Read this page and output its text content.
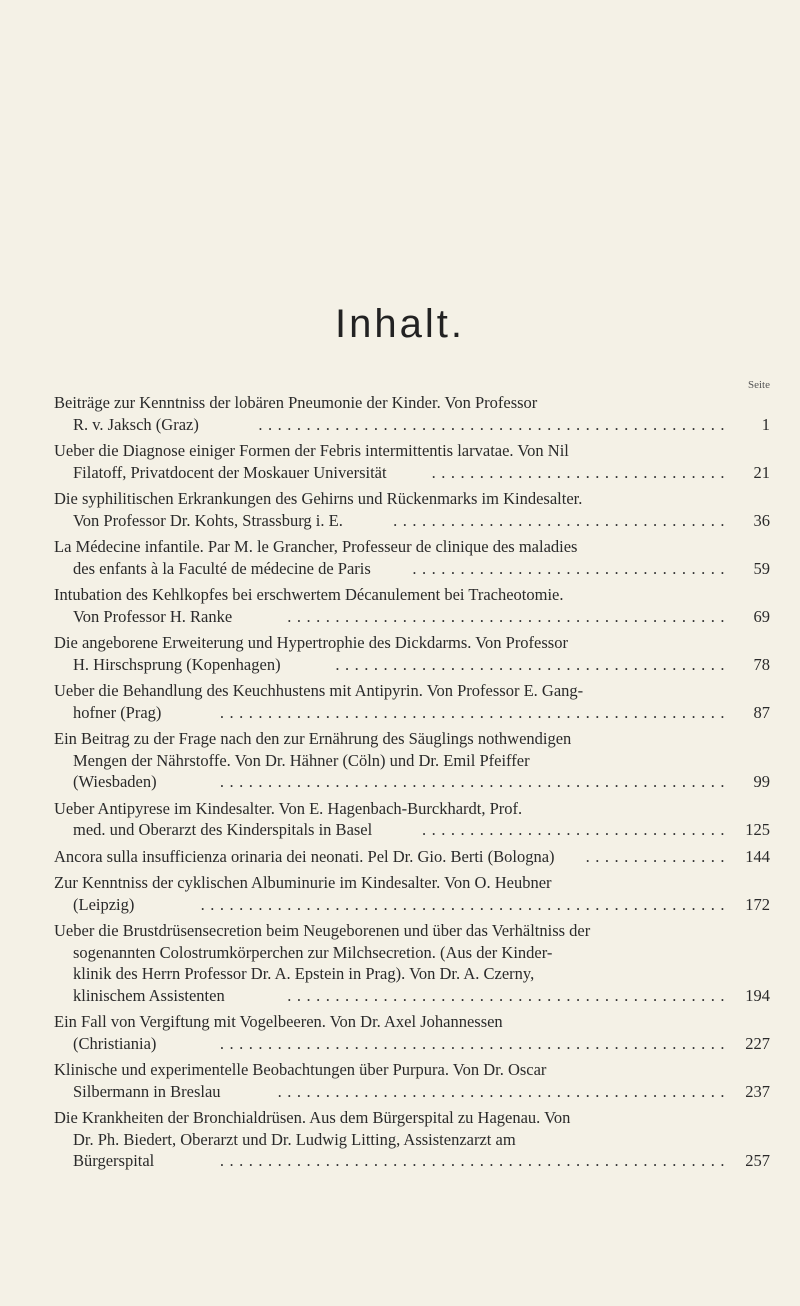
Inhalt.
Seite
Beiträge zur Kenntniss der lobären Pneumonie der Kinder. Von Professor
R. v. Jaksch (Graz)	1
.................................................
Ueber die Diagnose einiger Formen der Febris intermittentis larvatae. Von Nil
Filatoff, Privatdocent der Moskauer Universität	21
...............................
Die syphilitischen Erkrankungen des Gehirns und Rückenmarks im Kindesalter.
Von Professor Dr. Kohts, Strassburg i. E.	36
...................................
La Médecine infantile. Par M. le Grancher, Professeur de clinique des maladies
des enfants à la Faculté de médecine de Paris	59
.................................
Intubation des Kehlkopfes bei erschwertem Décanulement bei Tracheotomie.
Von Professor H. Ranke	69
..............................................
Die angeborene Erweiterung und Hypertrophie des Dickdarms. Von Professor
H. Hirschsprung (Kopenhagen)	78
.........................................
Ueber die Behandlung des Keuchhustens mit Antipyrin. Von Professor E. Gang-
hofner (Prag)	87
.....................................................
Ein Beitrag zu der Frage nach den zur Ernährung des Säuglings nothwendigen
Mengen der Nährstoffe. Von Dr. Hähner (Cöln) und Dr. Emil Pfeiffer
(Wiesbaden)	99
.....................................................
Ueber Antipyrese im Kindesalter. Von E. Hagenbach-Burckhardt, Prof.
med. und Oberarzt des Kinderspitals in Basel	125
................................
Ancora sulla insufficienza orinaria dei neonati. Pel Dr. Gio. Berti (Bologna)	144
...............
Zur Kenntniss der cyklischen Albuminurie im Kindesalter. Von O. Heubner
(Leipzig)	172
.......................................................
Ueber die Brustdrüsensecretion beim Neugeborenen und über das Verhältniss der
sogenannten Colostrumkörperchen zur Milchsecretion. (Aus der Kinder-
klinik des Herrn Professor Dr. A. Epstein in Prag). Von Dr. A. Czerny,
klinischem Assistenten	194
..............................................
Ein Fall von Vergiftung mit Vogelbeeren. Von Dr. Axel Johannessen
(Christiania)	227
.....................................................
Klinische und experimentelle Beobachtungen über Purpura. Von Dr. Oscar
Silbermann in Breslau	237
...............................................
Die Krankheiten der Bronchialdrüsen. Aus dem Bürgerspital zu Hagenau. Von
Dr. Ph. Biedert, Oberarzt und Dr. Ludwig Litting, Assistenzarzt am
Bürgerspital	257
.....................................................
